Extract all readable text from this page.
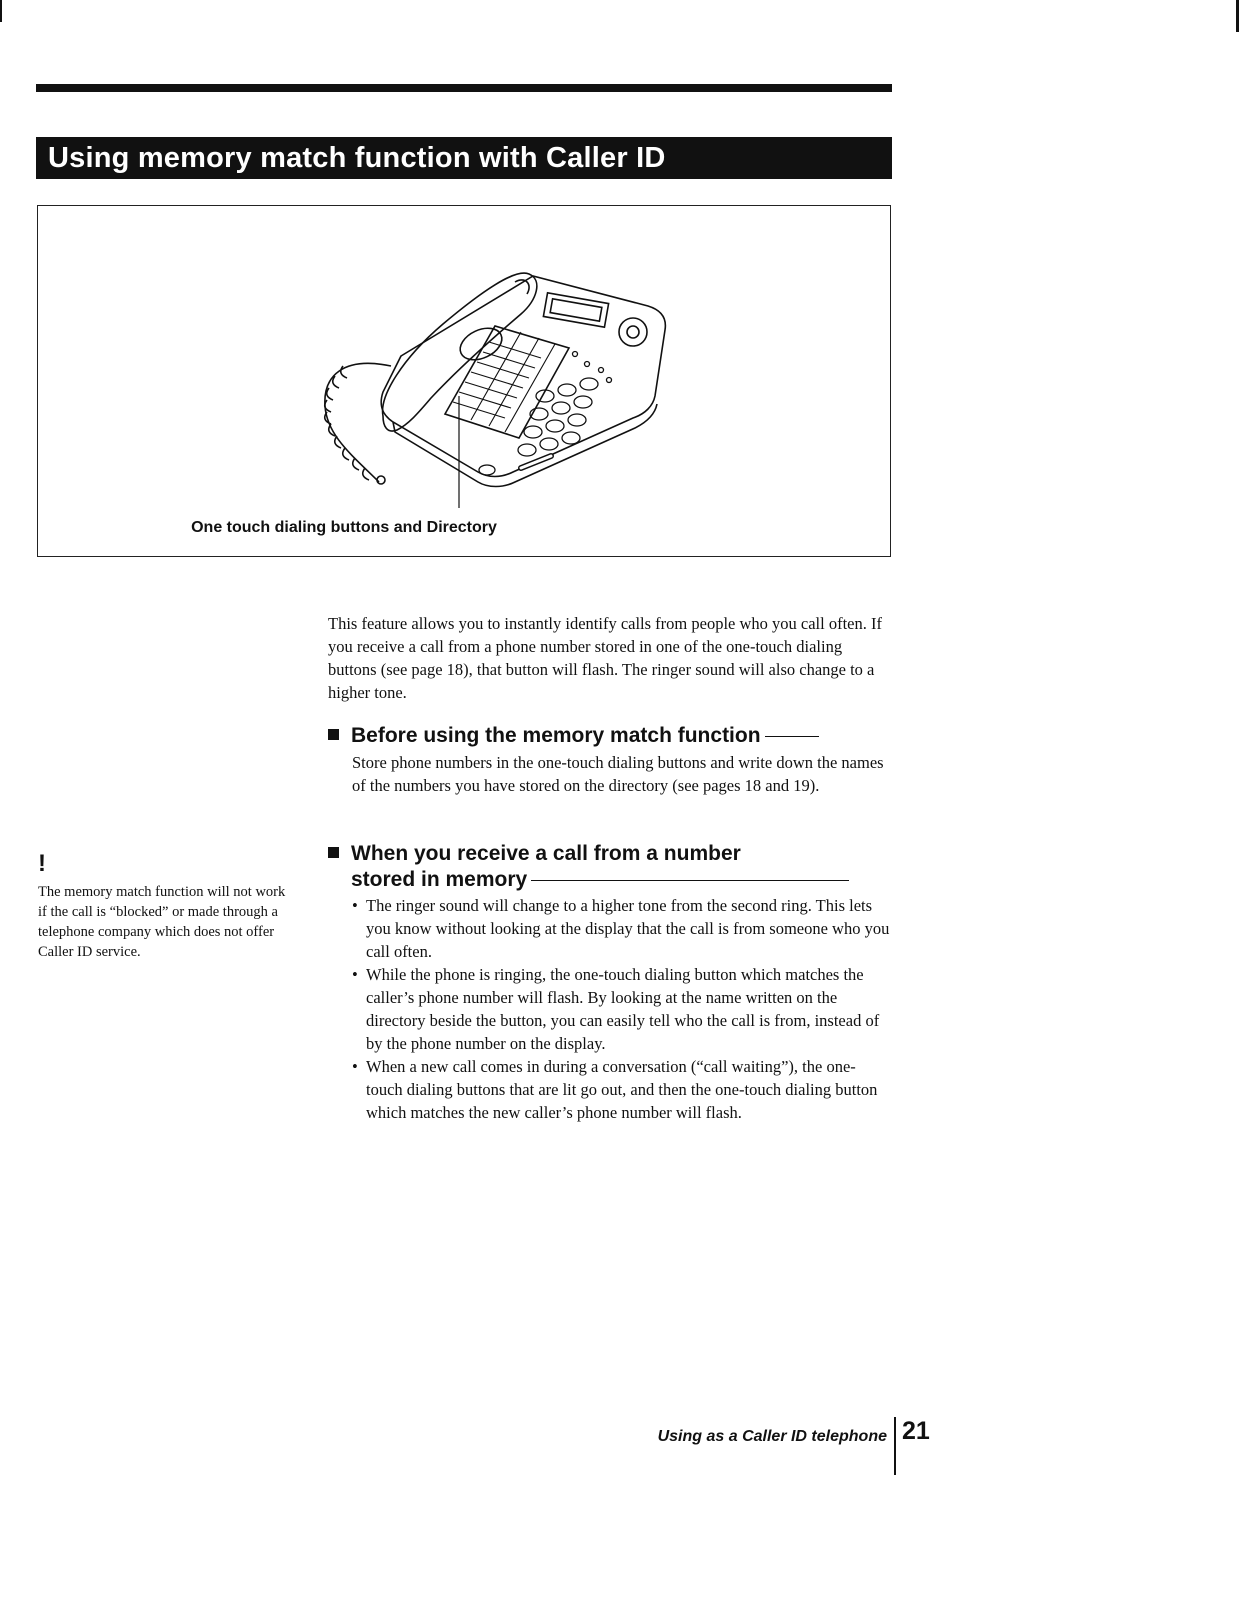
Using memory match function with Caller ID
One touch dialing buttons and Directory

This feature allows you to instantly identify calls from people who you call often. If you receive a call from a phone number stored in one of the one-touch dialing buttons (see page 18), that button will flash. The ringer sound will also change to a higher tone.

Before using the memory match function

Store phone numbers in the one-touch dialing buttons and write down the names of the numbers you have stored on the directory (see pages 18 and 19).

When you receive a call from a number
stored in memory
• The ringer sound will change to a higher tone from the second ring. This lets you know without looking at the display that the call is from someone who you call often.
• While the phone is ringing, the one-touch dialing button which matches the caller’s phone number will flash. By looking at the name written on the directory beside the button, you can easily tell who the call is from, instead of by the phone number on the display.
• When a new call comes in during a conversation (“call waiting”), the one-touch dialing buttons that are lit go out, and then the one-touch dialing button which matches the new caller’s phone number will flash.
!

The memory match function will not work if the call is “blocked” or made through a telephone company which does not offer Caller ID service.

Using as a Caller ID telephone 21
